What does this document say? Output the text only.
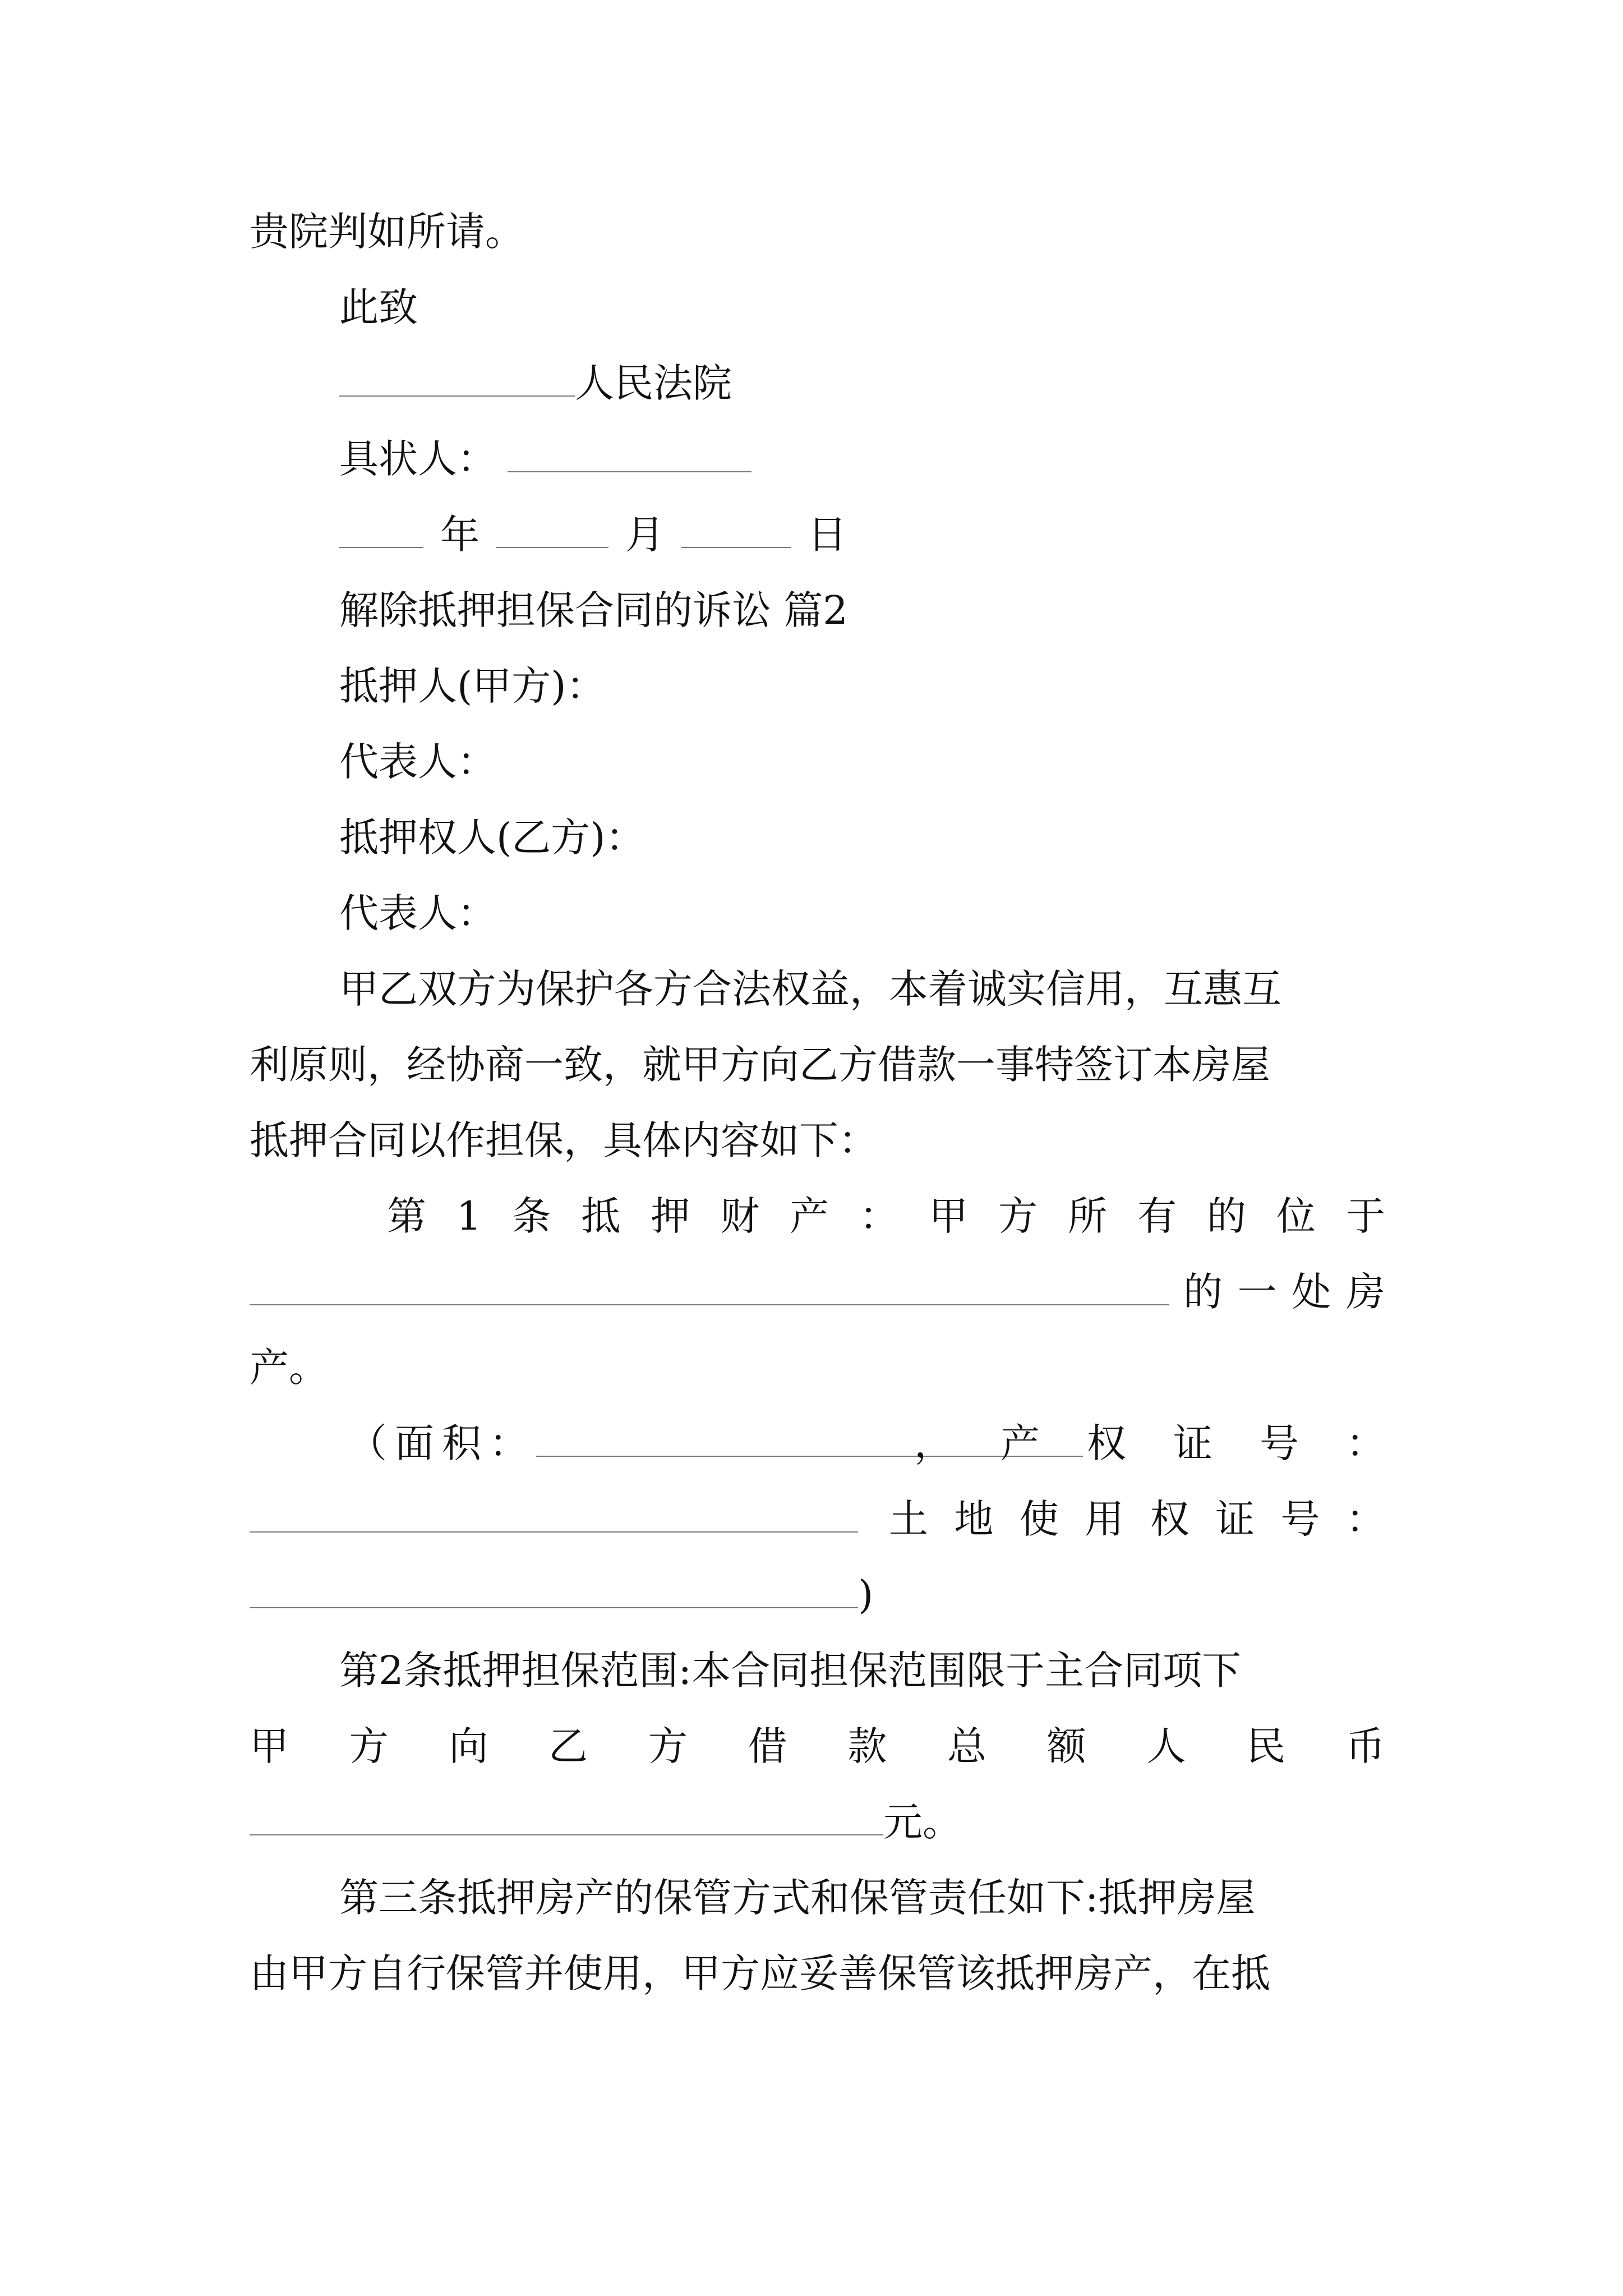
贵院判如所请。
此致
人民法院
具状人：
年	月	日
解除抵押担保合同的诉讼 篇2
抵押人(甲方)：
代表人：
抵押权人(乙方)：
代表人：
甲乙双方为保护各方合法权益，本着诚实信用，互惠互
利原则，经协商一致，就甲方向乙方借款一事特签订本房屋
抵押合同以作担保，具体内容如下：
第 1 条 抵 押 财 产 ： 甲 方 所 有 的 位 于
的 一 处 房
产。
（面积：	， 产 权 证 号 ：
土 地 使 用 权 证 号 ：
)
第2条抵押担保范围:本合同担保范围限于主合同项下
甲 方 向 乙 方 借 款 总 额 人 民 币
元。
第三条抵押房产的保管方式和保管责任如下:抵押房屋
由甲方自行保管并使用，甲方应妥善保管该抵押房产，在抵
